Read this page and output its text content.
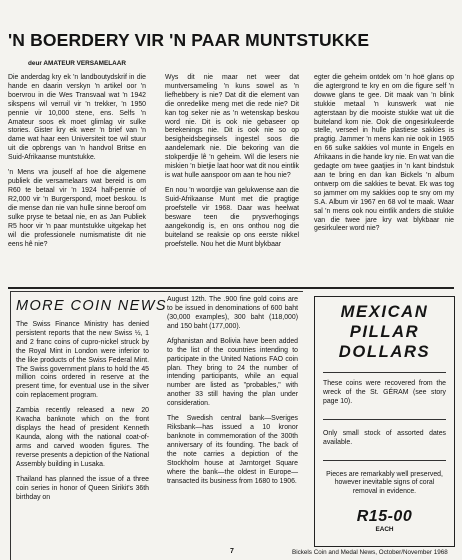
'N BOERDERY VIR 'N PAAR MUNTSTUKKE
deur AMATEUR VERSAMELAAR

Die anderdag kry ek 'n landboutydskrif in die hande en daarin verskyn 'n artikel oor 'n boervrou in die Wes Transvaal wat 'n 1942 sikspens wil verruil vir 'n trekker, 'n 1950 pennie vir 10,000 stene, ens. Selfs 'n Amateur soos ek moet glimlag vir sulke stories. Gister kry ek weer 'n brief van 'n dame wat haar een Universiteit toe wil stuur uit die opbrengs van 'n handvol Britse en Suid-Afrikaanse muntstukke.

'n Mens vra jouself af hoe die algemene publiek die versamelaars wat bereid is om R60 te betaal vir 'n 1924 half-pennie of R2,000 vir 'n Burgerspond, moet beskou. Is die mense dan nie van hulle sinne beroof om sulke pryse te betaal nie, en as Jan Publiek R5 hoor vir 'n paar muntstukke uitgekap het wil die professionele numismatiste dit nie eens hê nie?

Wys dit nie maar net weer dat muntversameling 'n kuns sowel as 'n liefhebbery is nie? Dat dit die element van die onredelike meng met die rede nie? Dit kan tog seker nie as 'n wetenskap beskou word nie. Dit is ook nie gebaseer op berekenings nie. Dit is ook nie so op besigheidsbeginsels ingestel soos die aandelemark nie. Die bekoring van die stokperdjie lê 'n geheim. Wil die lesers nie miskien 'n bietjie laat hoor wat dit nou eintlik is wat hulle aanspoor om aan te hou nie?

En nou 'n woordjie van gelukwense aan die Suid-Afrikaanse Munt met die pragtige proefstelle vir 1968. Daar was heelwat besware teen die prysverhogings aangekondig is, en ons onthou nog die buiteland se reaksie op ons eerste nikkel proefstelle. Nou het die Munt blykbaar

egter die geheim ontdek om 'n hoë glans op die agtergrond te kry en om die figure self 'n dowwe glans te gee. Dit maak van 'n blink stukkie metaal 'n kunswerk wat nie agterstaan by die mooiste stukke wat uit die buiteland kom nie. Ook die ongesirkuleerde stelle, verseel in hulle plastiese sakkies is pragtig. Jammer 'n mens kan nie ook in 1965 en 66 sulke sakkies vol munte in Engels en Afrikaans in die hande kry nie. En wat van die gedagte om twee gaatjies in 'n kant bindstuk aan te bring en dan kan Bickels 'n album ontwerp om die sakkies te bevat. Ek was tog so jammer om my sakkies oop te sny om my S.A. Album vir 1967 en 68 vol te maak. Waar sal 'n mens ook nou eintlik anders die stukke van die twee jare kry wat blykbaar nie gesirkuleer word nie?

MORE COIN NEWS

The Swiss Finance Ministry has denied persistent reports that the new Swiss ½, 1 and 2 franc coins of cupro-nickel struck by the Royal Mint in London were inferior to the like products of the Swiss Federal Mint. The Swiss government plans to hold the 45 million coins ordered in reserve at the present time, for eventual use in the silver coin replacement program.

Zambia recently released a new 20 Kwacha banknote which on the front displays the head of president Kenneth Kaunda, along with the national coat-of-arms and carved wooden figures. The reverse presents a depiction of the National Assembly building in Lusaka.

Thailand has planned the issue of a three coin series in honor of Queen Sirikit's 36th birthday on

August 12th. The .900 fine gold coins are to be issued in denominations of 600 baht (30,000 examples), 300 baht (118,000) and 150 baht (177,000).

Afghanistan and Bolivia have been added to the list of the countries intending to participate in the United Nations FAO coin plan. They bring to 24 the number of intending participants, while an equal number are listed as "probables," with another 33 still having the plan under consideration.

The Swedish central bank—Sveriges Riksbank—has issued a 10 kronor banknote in commemoration of the 300th anniversary of its founding. The back of the note carries a depiction of the Stockholm house at Jarntorget Square where the bank—the oldest in Europe—transacted its business from 1680 to 1906.

MEXICAN
PILLAR
DOLLARS
These coins were recovered from the wreck of the St. GÉRAM (see story page 10).
Only small stock of assorted dates available.
Pieces are remarkably well preserved, however inevitable signs of coral removal in evidence.
R15-00
EACH
7	Bickels Coin and Medal News, October/November 1968
